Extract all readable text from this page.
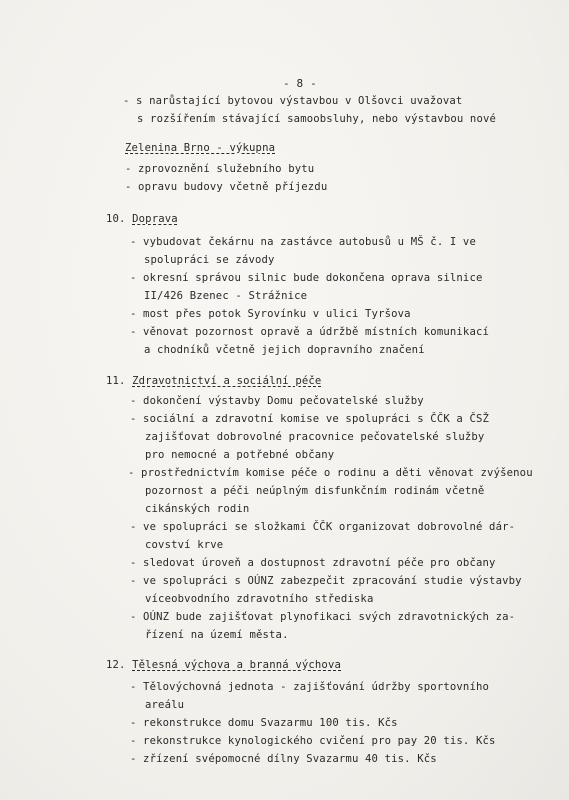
- 8 -
- s narůstající bytovou výstavbou v Olšovci uvažovat
s rozšířením stávající samoobsluhy, nebo výstavbou nové
Zelenina Brno - výkupna
- zprovoznění služebního bytu
- opravu budovy včetně příjezdu
10. Doprava
- vybudovat čekárnu na zastávce autobusů u MŠ č. I ve
spolupráci se závody
- okresní správou silnic bude dokončena oprava silnice
II/426 Bzenec - Strážnice
- most přes potok Syrovínku v ulici Tyršova
- věnovat pozornost opravě a údržbě místních komunikací
a chodníků včetně jejich dopravního značení
11. Zdravotnictví a sociální péče
- dokončení výstavby Domu pečovatelské služby
- sociální a zdravotní komise ve spolupráci s ČČK a ČSŽ
zajišťovat dobrovolné pracovnice pečovatelské služby
pro nemocné a potřebné občany
- prostřednictvím komise péče o rodinu a děti věnovat zvýšenou
pozornost a péči neúplným disfunkčním rodinám včetně
cikánských rodin
- ve spolupráci se složkami ČČK organizovat dobrovolné dár-
covství krve
- sledovat úroveň a dostupnost zdravotní péče pro občany
- ve spolupráci s OÚNZ zabezpečit zpracování studie výstavby
víceobvodního zdravotního střediska
- OÚNZ bude zajišťovat plynofikaci svých zdravotnických za-
řízení na území města.
12. Tělesná výchova a branná výchova
- Tělovýchovná jednota - zajišťování údržby sportovního
areálu
- rekonstrukce domu Svazarmu 100 tis. Kčs
- rekonstrukce kynologického cvičení pro pay 20 tis. Kčs
- zřízení svépomocné dílny Svazarmu 40 tis. Kčs
